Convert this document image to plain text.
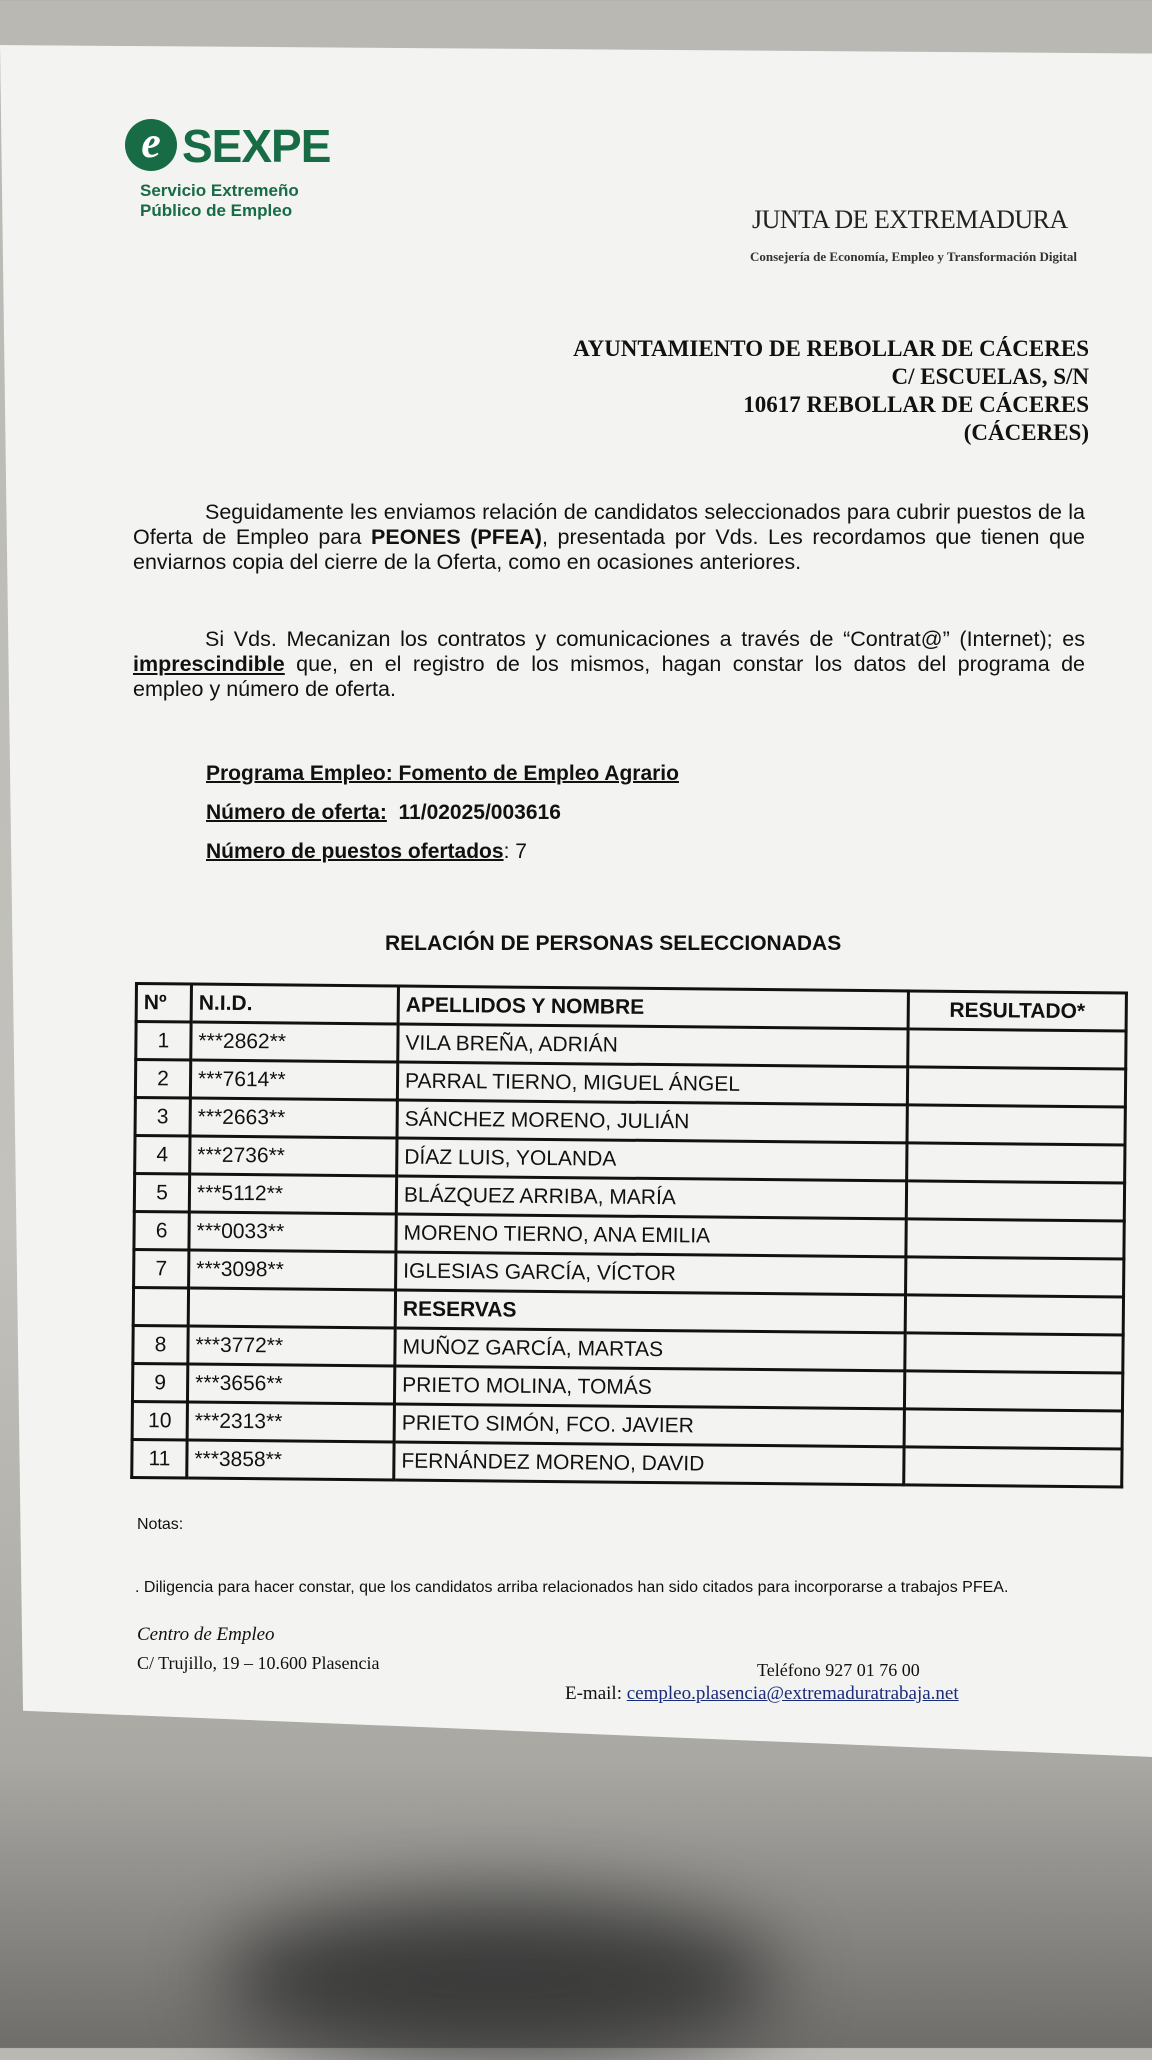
e SEXPE
Servicio Extremeño
Público de Empleo	JUNTA DE EXTREMADURA
Consejería de Economía, Empleo y Transformación Digital
AYUNTAMIENTO DE REBOLLAR DE CÁCERES
C/ ESCUELAS, S/N
10617 REBOLLAR DE CÁCERES
(CÁCERES)
Seguidamente les enviamos relación de candidatos seleccionados para cubrir puestos de la Oferta de Empleo para PEONES (PFEA), presentada por Vds. Les recordamos que tienen que enviarnos copia del cierre de la Oferta, como en ocasiones anteriores.
Si Vds. Mecanizan los contratos y comunicaciones a través de “Contrat@” (Internet); es imprescindible que, en el registro de los mismos, hagan constar los datos del programa de empleo y número de oferta.
Programa Empleo: Fomento de Empleo Agrario
Número de oferta: 11/02025/003616
Número de puestos ofertados: 7
RELACIÓN DE PERSONAS SELECCIONADAS
Nº	N.I.D.	APELLIDOS Y NOMBRE	RESULTADO*
1	***2862**	VILA BREÑA, ADRIÁN	
2	***7614**	PARRAL TIERNO, MIGUEL ÁNGEL	
3	***2663**	SÁNCHEZ MORENO, JULIÁN	
4	***2736**	DÍAZ LUIS, YOLANDA	
5	***5112**	BLÁZQUEZ ARRIBA, MARÍA	
6	***0033**	MORENO TIERNO, ANA EMILIA	
7	***3098**	IGLESIAS GARCÍA, VÍCTOR	
		RESERVAS	
8	***3772**	MUÑOZ GARCÍA, MARTAS	
9	***3656**	PRIETO MOLINA, TOMÁS	
10	***2313**	PRIETO SIMÓN, FCO. JAVIER	
11	***3858**	FERNÁNDEZ MORENO, DAVID	
Notas:
. Diligencia para hacer constar, que los candidatos arriba relacionados han sido citados para incorporarse a trabajos PFEA.
Centro de Empleo
C/ Trujillo, 19 – 10.600 Plasencia	Teléfono 927 01 76 00
E-mail: cempleo.plasencia@extremaduratrabaja.net
